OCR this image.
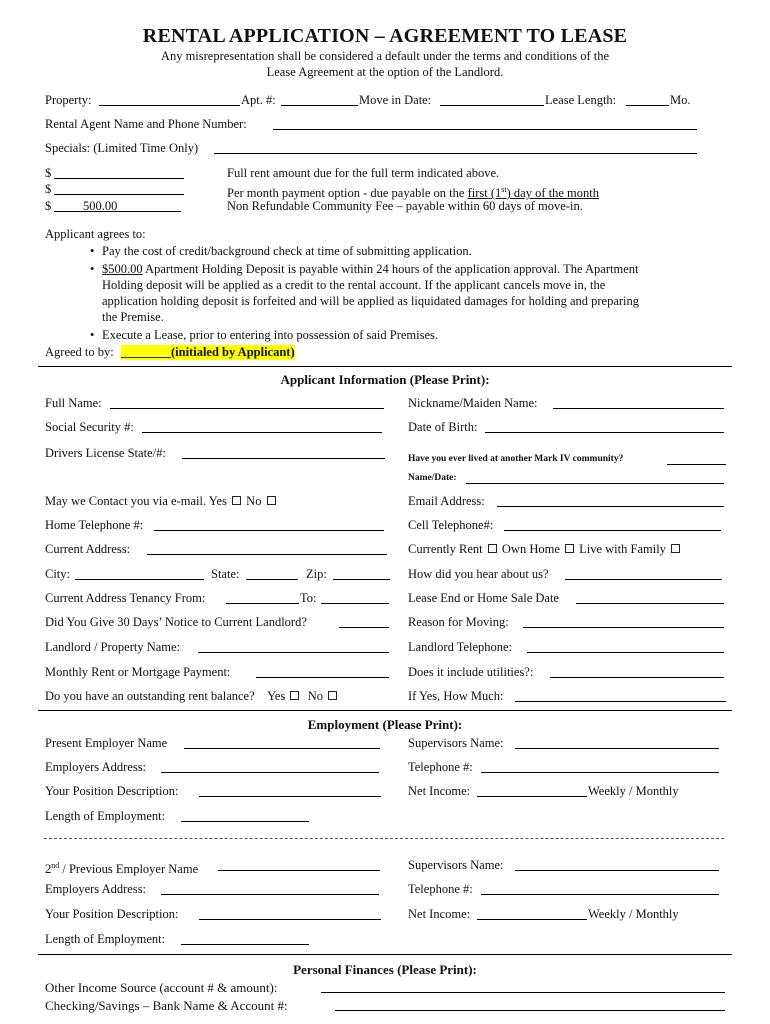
RENTAL APPLICATION – AGREEMENT TO LEASE
Any misrepresentation shall be considered a default under the terms and conditions of the
Lease Agreement at the option of the Landlord.
Property:	Apt. #:	Move in Date:	Lease Length:	Mo.
Rental Agent Name and Phone Number:
Specials: (Limited Time Only)
$	Full rent amount due for the full term indicated above.
$	Per month payment option - due payable on the first (1st) day of the month
$	500.00	Non Refundable Community Fee – payable within 60 days of move-in.
Applicant agrees to:
• Pay the cost of credit/background check at time of submitting application.
• $500.00 Apartment Holding Deposit is payable within 24 hours of the application approval. The Apartment
Holding deposit will be applied as a credit to the rental account. If the applicant cancels move in, the
application holding deposit is forfeited and will be applied as liquidated damages for holding and preparing
the Premise.
• Execute a Lease, prior to entering into possession of said Premises.
Agreed to by: ________(initialed by Applicant)
Applicant Information (Please Print):
Full Name:	Nickname/Maiden Name:
Social Security #:	Date of Birth:
Drivers License State/#:	Have you ever lived at another Mark IV community?
Name/Date:
May we Contact you via e-mail. Yes No	Email Address:
Home Telephone #:	Cell Telephone#:
Current Address:	Currently Rent Own Home Live with Family
City:	State:	Zip:	How did you hear about us?
Current Address Tenancy From:	To:	Lease End or Home Sale Date
Did You Give 30 Days’ Notice to Current Landlord?	Reason for Moving:
Landlord / Property Name:	Landlord Telephone:
Monthly Rent or Mortgage Payment:	Does it include utilities?:
Do you have an outstanding rent balance? Yes No	If Yes, How Much:
Employment (Please Print):
Present Employer Name	Supervisors Name:
Employers Address:	Telephone #:
Your Position Description:	Net Income:	Weekly / Monthly
Length of Employment:
2nd / Previous Employer Name	Supervisors Name:
Employers Address:	Telephone #:
Your Position Description:	Net Income:	Weekly / Monthly
Length of Employment:
Personal Finances (Please Print):
Other Income Source (account # & amount):
Checking/Savings – Bank Name & Account #:
